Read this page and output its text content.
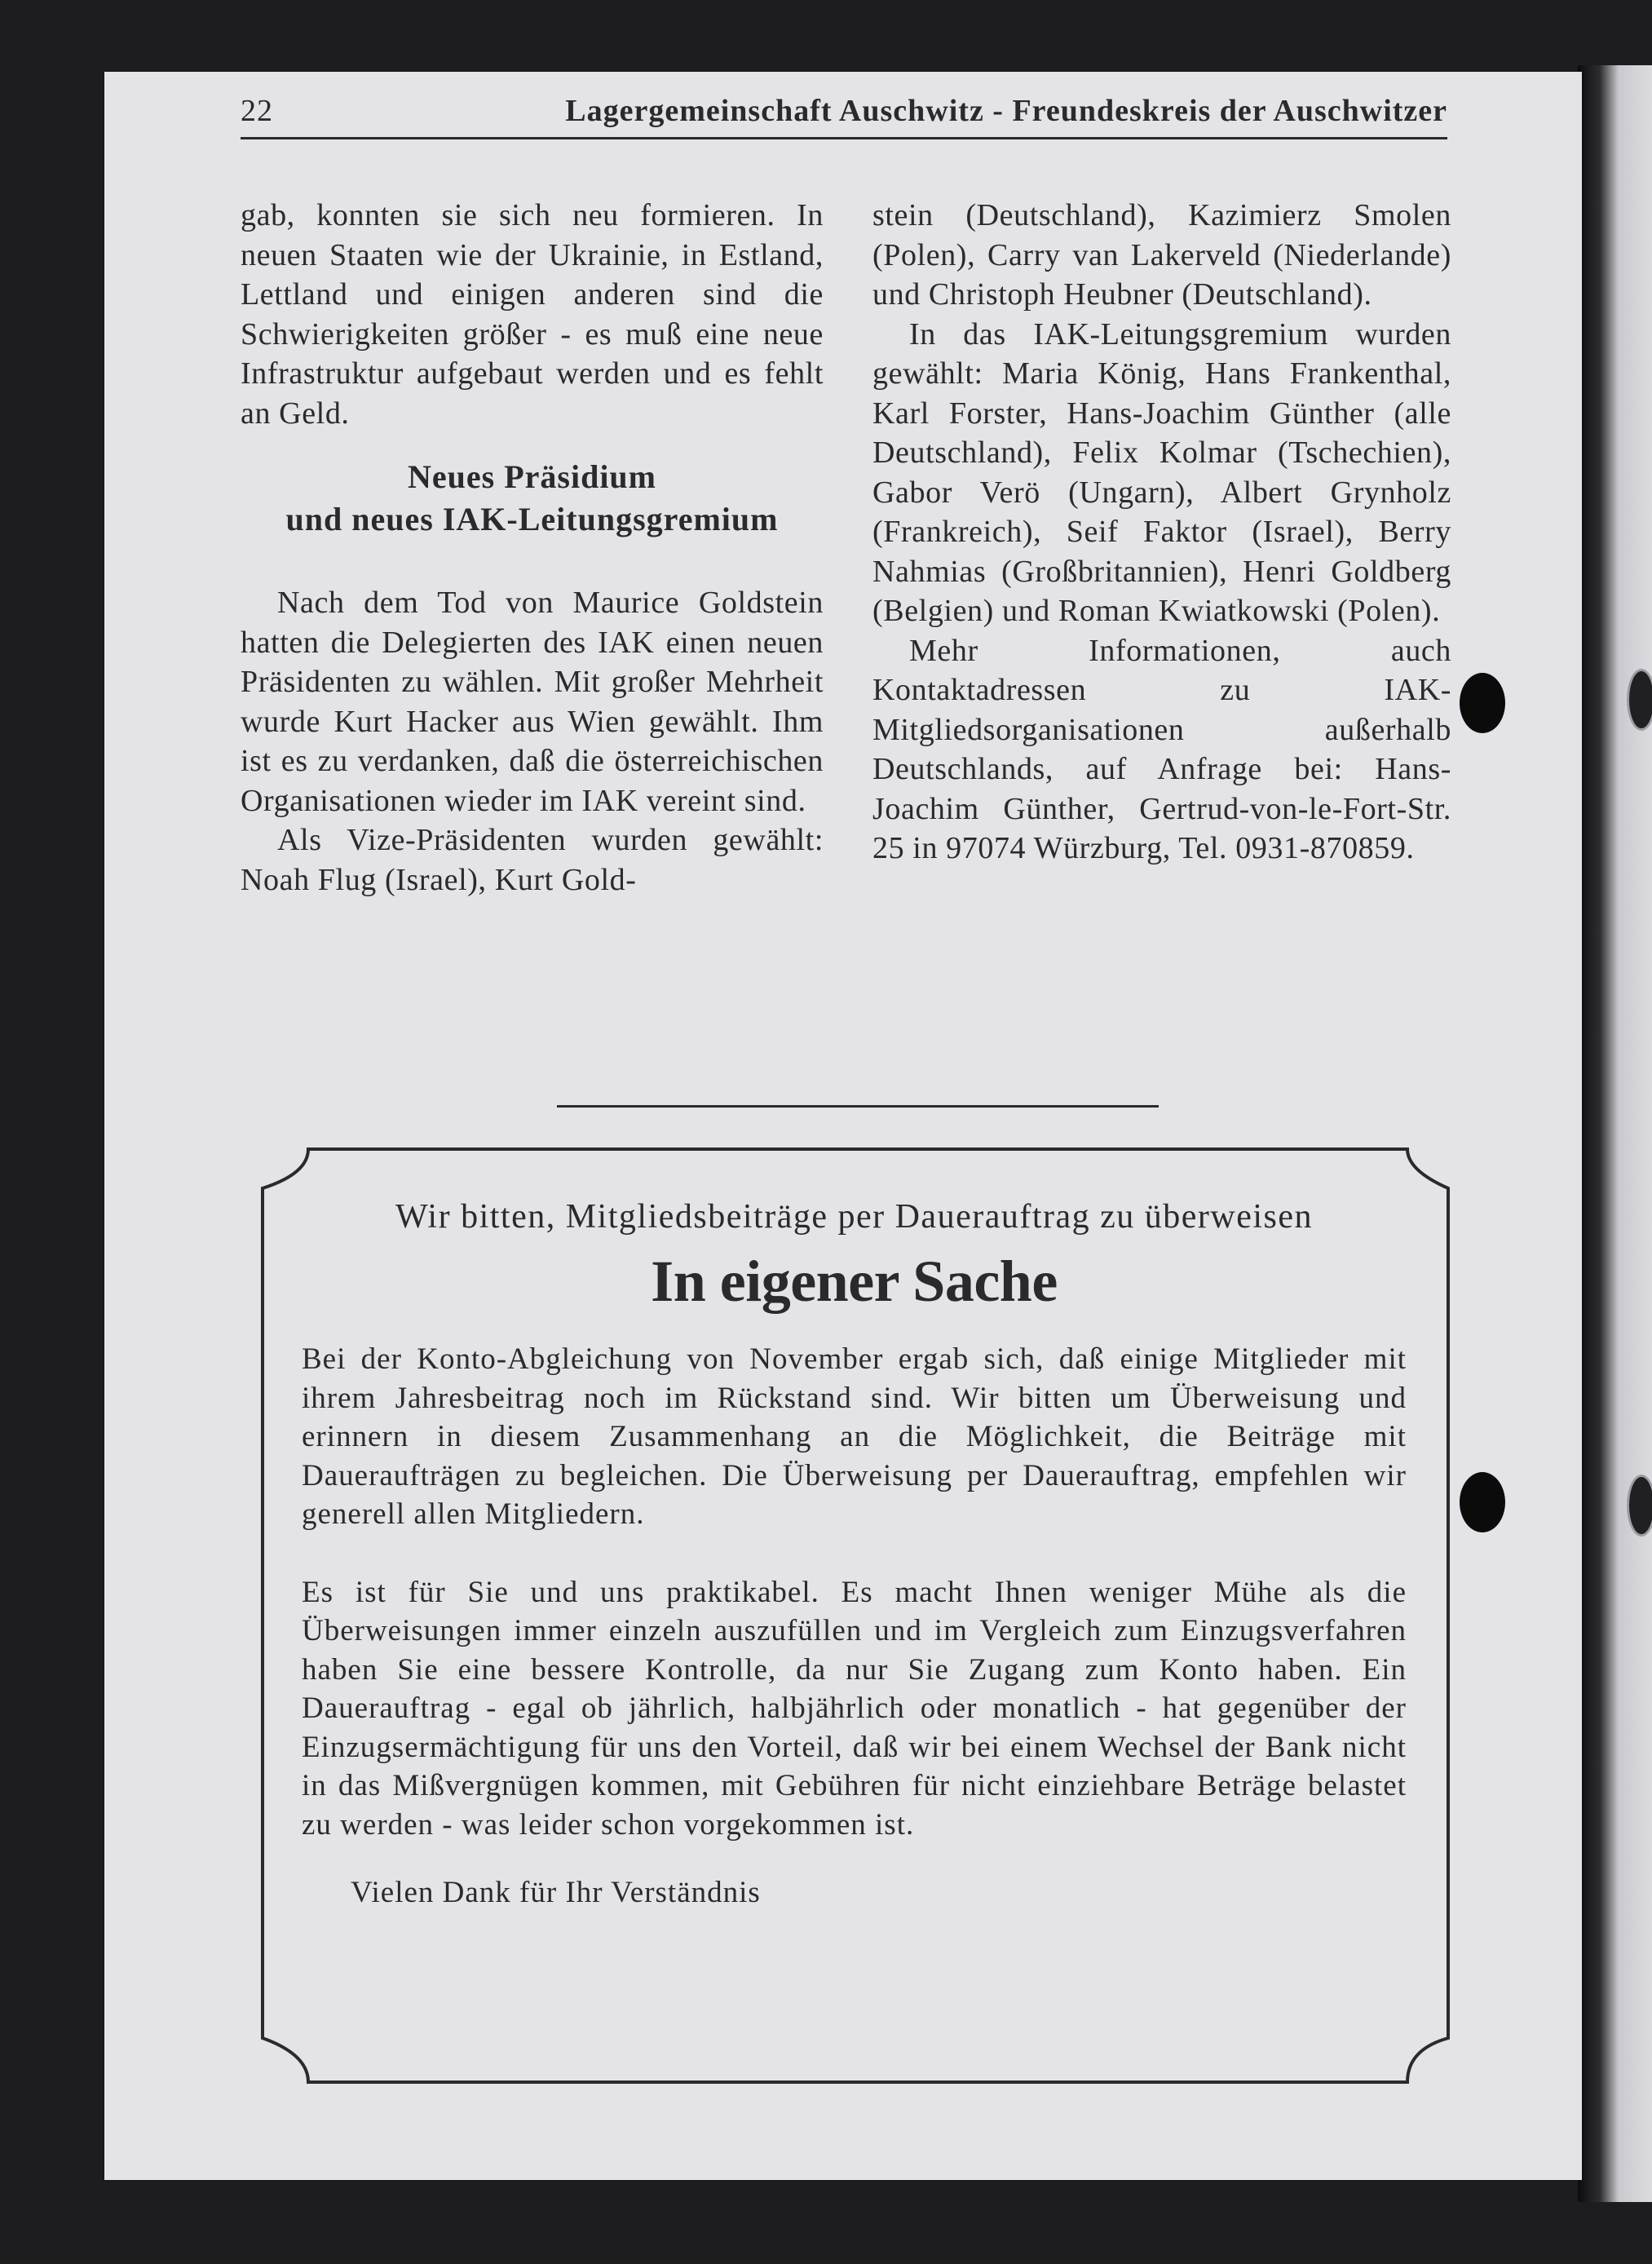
22	Lagergemeinschaft Auschwitz - Freundeskreis der Auschwitzer

gab, konnten sie sich neu formieren. In neuen Staaten wie der Ukrainie, in Estland, Lettland und einigen anderen sind die Schwierigkeiten größer - es muß eine neue Infrastruktur aufgebaut werden und es fehlt an Geld.

Neues Präsidium
und neues IAK-Leitungsgremium

Nach dem Tod von Maurice Goldstein hatten die Delegierten des IAK einen neuen Präsidenten zu wählen. Mit großer Mehrheit wurde Kurt Hacker aus Wien gewählt. Ihm ist es zu verdanken, daß die österreichischen Organisationen wieder im IAK vereint sind.

Als Vize-Präsidenten wurden gewählt: Noah Flug (Israel), Kurt Gold-

stein (Deutschland), Kazimierz Smolen (Polen), Carry van Lakerveld (Niederlande) und Christoph Heubner (Deutschland).

In das IAK-Leitungsgremium wurden gewählt: Maria König, Hans Frankenthal, Karl Forster, Hans-Joachim Günther (alle Deutschland), Felix Kolmar (Tschechien), Gabor Verö (Ungarn), Albert Grynholz (Frankreich), Seif Faktor (Israel), Berry Nahmias (Großbritannien), Henri Goldberg (Belgien) und Roman Kwiatkowski (Polen).

Mehr Informationen, auch Kontaktadressen zu IAK-Mitgliedsorganisationen außerhalb Deutschlands, auf Anfrage bei: Hans-Joachim Günther, Gertrud-von-le-Fort-Str. 25 in 97074 Würzburg, Tel. 0931-870859.

Wir bitten, Mitgliedsbeiträge per Dauerauftrag zu überweisen

In eigener Sache

Bei der Konto-Abgleichung von November ergab sich, daß einige Mitglieder mit ihrem Jahresbeitrag noch im Rückstand sind. Wir bitten um Überweisung und erinnern in diesem Zusammenhang an die Möglichkeit, die Beiträge mit Daueraufträgen zu begleichen. Die Überweisung per Dauerauftrag, empfehlen wir generell allen Mitgliedern.

Es ist für Sie und uns praktikabel. Es macht Ihnen weniger Mühe als die Überweisungen immer einzeln auszufüllen und im Vergleich zum Einzugsverfahren haben Sie eine bessere Kontrolle, da nur Sie Zugang zum Konto haben. Ein Dauerauftrag - egal ob jährlich, halbjährlich oder monatlich - hat gegenüber der Einzugsermächtigung für uns den Vorteil, daß wir bei einem Wechsel der Bank nicht in das Mißvergnügen kommen, mit Gebühren für nicht einziehbare Beträge belastet zu werden - was leider schon vorgekommen ist.

Vielen Dank für Ihr Verständnis
